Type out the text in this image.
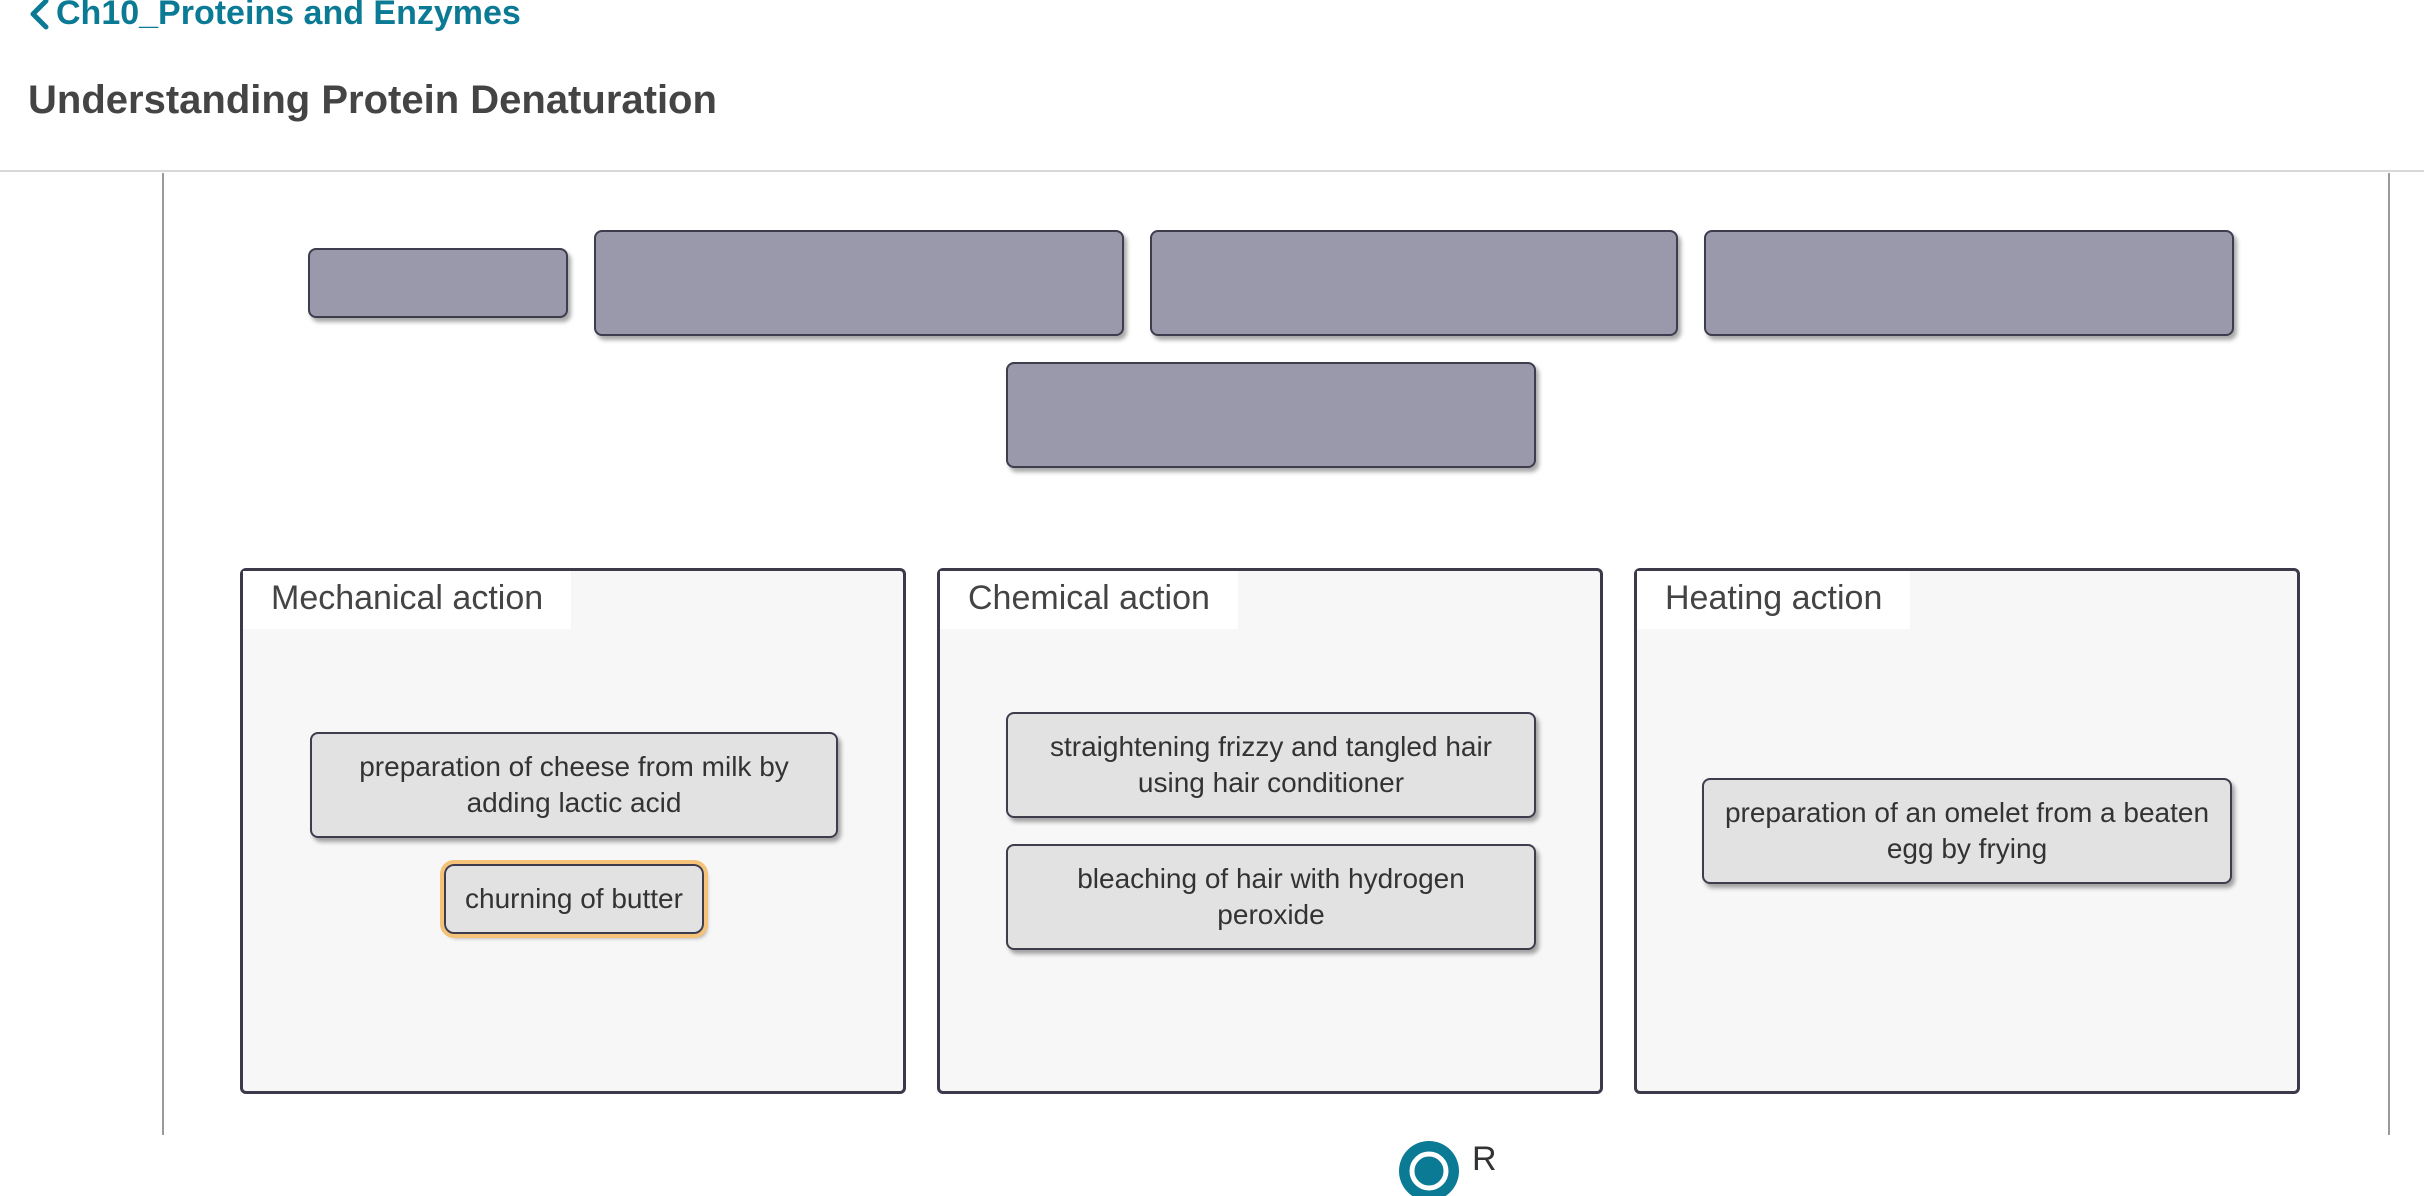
Ch10_Proteins and Enzymes
Understanding Protein Denaturation
Mechanical action	Chemical action	Heating action
preparation of cheese from milk by adding lactic acid
churning of butter
straightening frizzy and tangled hair using hair conditioner
bleaching of hair with hydrogen peroxide
preparation of an omelet from a beaten egg by frying
R
